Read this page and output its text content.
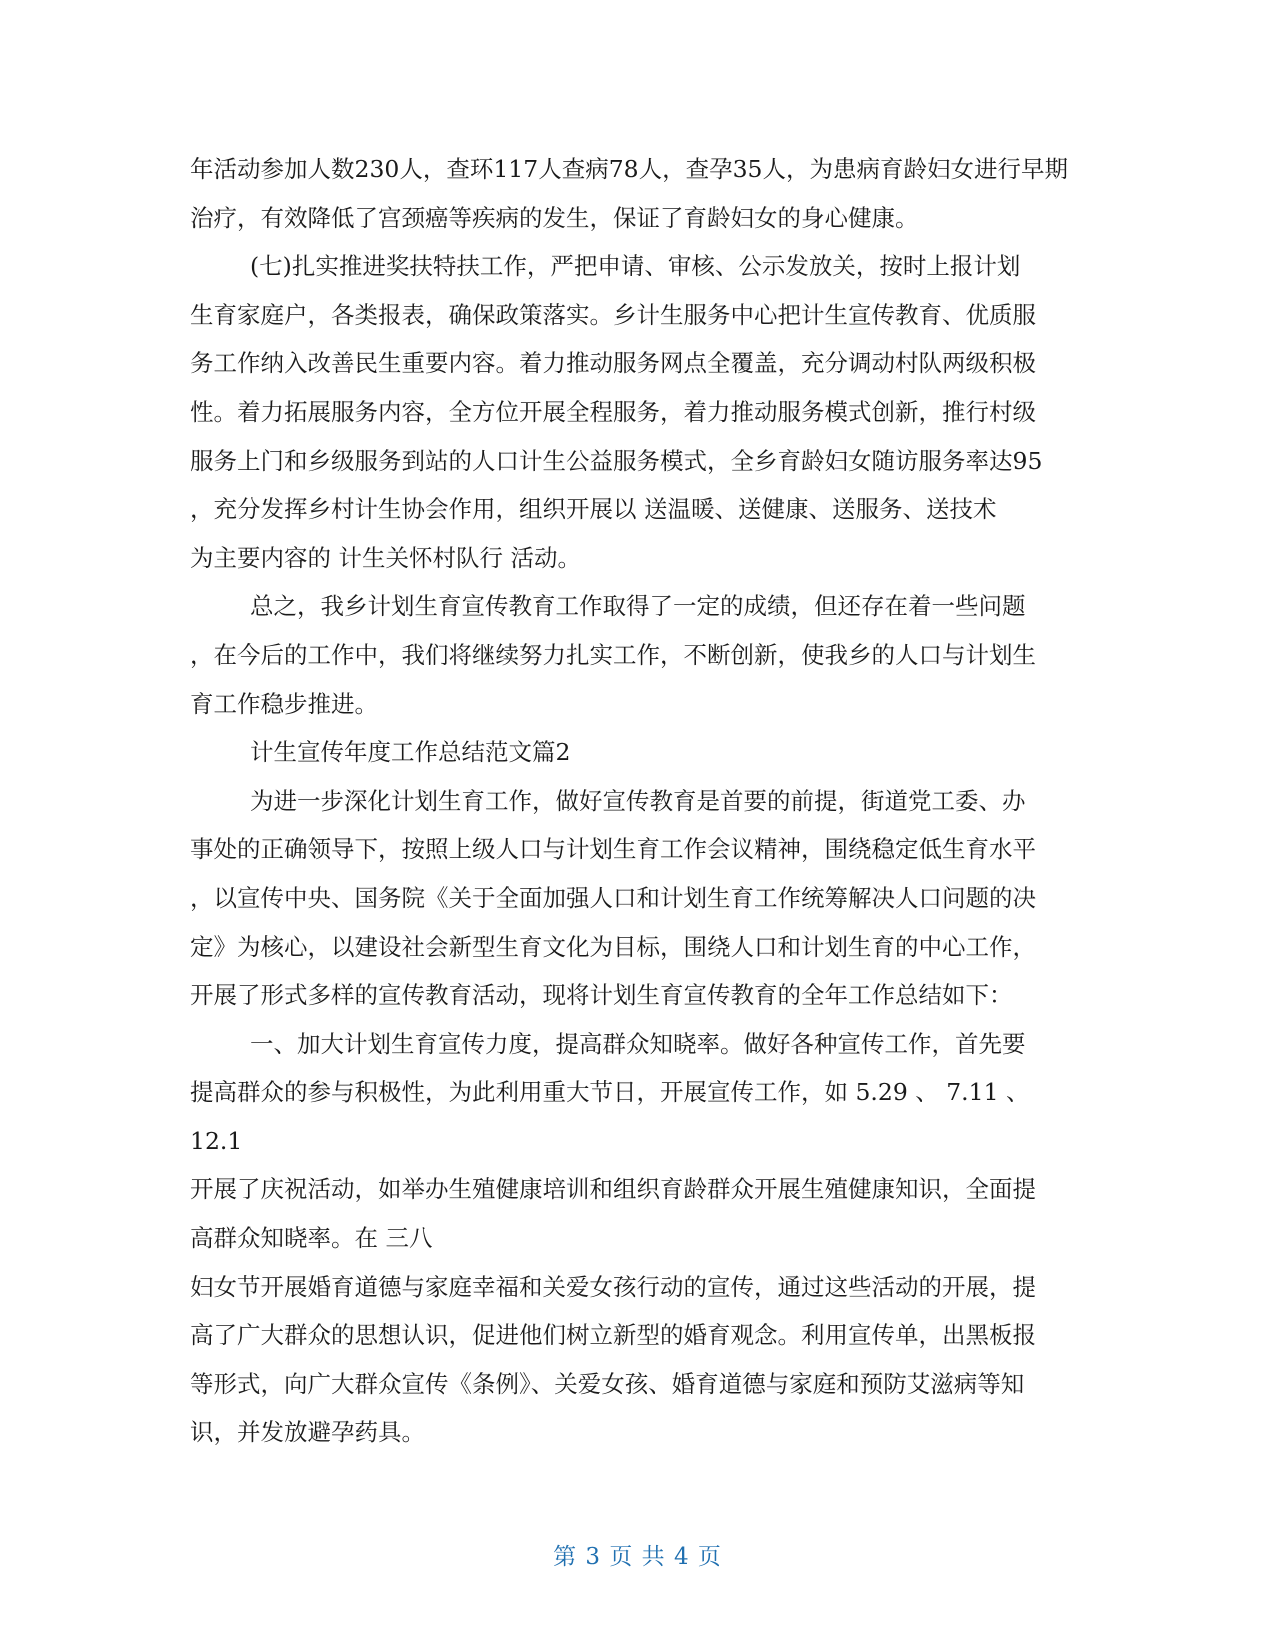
年活动参加人数230人，查环117人查病78人，查孕35人，为患病育龄妇女进行早期
治疗，有效降低了宫颈癌等疾病的发生，保证了育龄妇女的身心健康。
(七)扎实推进奖扶特扶工作，严把申请、审核、公示发放关，按时上报计划
生育家庭户，各类报表，确保政策落实。乡计生服务中心把计生宣传教育、优质服
务工作纳入改善民生重要内容。着力推动服务网点全覆盖，充分调动村队两级积极
性。着力拓展服务内容，全方位开展全程服务，着力推动服务模式创新，推行村级
服务上门和乡级服务到站的人口计生公益服务模式，全乡育龄妇女随访服务率达95
，充分发挥乡村计生协会作用，组织开展以 送温暖、送健康、送服务、送技术
为主要内容的 计生关怀村队行 活动。
总之，我乡计划生育宣传教育工作取得了一定的成绩，但还存在着一些问题
，在今后的工作中，我们将继续努力扎实工作，不断创新，使我乡的人口与计划生
育工作稳步推进。
计生宣传年度工作总结范文篇2
为进一步深化计划生育工作，做好宣传教育是首要的前提，街道党工委、办
事处的正确领导下，按照上级人口与计划生育工作会议精神，围绕稳定低生育水平
，以宣传中央、国务院《关于全面加强人口和计划生育工作统筹解决人口问题的决
定》为核心，以建设社会新型生育文化为目标，围绕人口和计划生育的中心工作，
开展了形式多样的宣传教育活动，现将计划生育宣传教育的全年工作总结如下：
一、加大计划生育宣传力度，提高群众知晓率。做好各种宣传工作，首先要
提高群众的参与积极性，为此利用重大节日，开展宣传工作，如 5.29 、 7.11 、
12.1
开展了庆祝活动，如举办生殖健康培训和组织育龄群众开展生殖健康知识，全面提
高群众知晓率。在 三八
妇女节开展婚育道德与家庭幸福和关爱女孩行动的宣传，通过这些活动的开展，提
高了广大群众的思想认识，促进他们树立新型的婚育观念。利用宣传单，出黑板报
等形式，向广大群众宣传《条例》、关爱女孩、婚育道德与家庭和预防艾滋病等知
识，并发放避孕药具。
第 3 页 共 4 页
